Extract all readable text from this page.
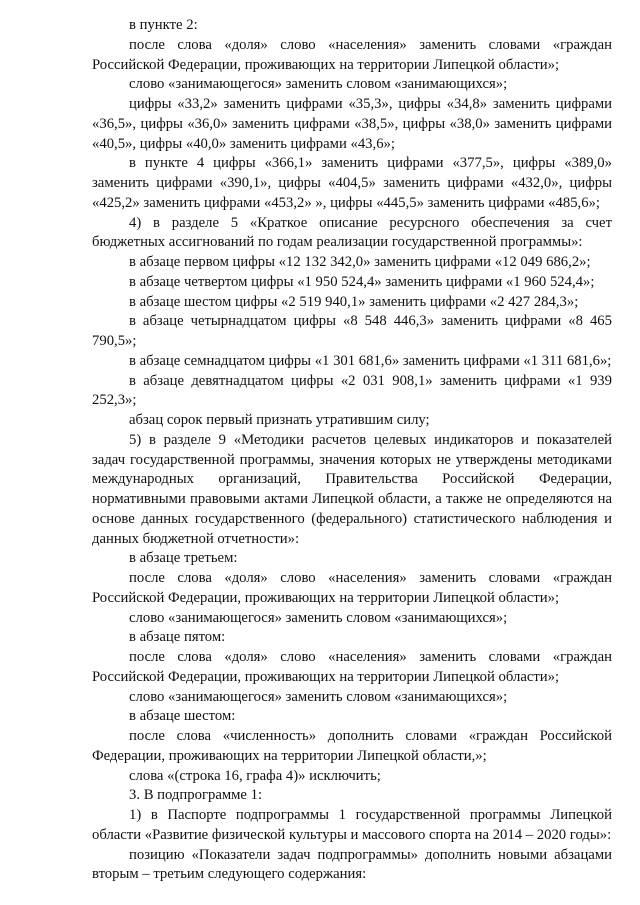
в пункте 2:

после слова «доля» слово «населения» заменить словами «граждан Российской Федерации, проживающих на территории Липецкой области»;

слово «занимающегося» заменить словом «занимающихся»;

цифры «33,2» заменить цифрами «35,3», цифры «34,8» заменить цифрами «36,5», цифры «36,0» заменить цифрами «38,5», цифры «38,0» заменить цифрами «40,5», цифры «40,0» заменить цифрами «43,6»;

в пункте 4 цифры «366,1» заменить цифрами «377,5», цифры «389,0» заменить цифрами «390,1», цифры «404,5» заменить цифрами «432,0», цифры «425,2» заменить цифрами «453,2» », цифры «445,5» заменить цифрами «485,6»;

4) в разделе 5 «Краткое описание ресурсного обеспечения за счет бюджетных ассигнований по годам реализации государственной программы»:

в абзаце первом цифры «12 132 342,0» заменить цифрами «12 049 686,2»;

в абзаце четвертом цифры «1 950 524,4» заменить цифрами «1 960 524,4»;

в абзаце шестом цифры «2 519 940,1» заменить цифрами «2 427 284,3»;

в абзаце четырнадцатом цифры «8 548 446,3» заменить цифрами «8 465 790,5»;

в абзаце семнадцатом цифры «1 301 681,6» заменить цифрами «1 311 681,6»;

в абзаце девятнадцатом цифры «2 031 908,1» заменить цифрами «1 939 252,3»;

абзац сорок первый признать утратившим силу;

5) в разделе 9 «Методики расчетов целевых индикаторов и показателей задач государственной программы, значения которых не утверждены методиками международных организаций, Правительства Российской Федерации, нормативными правовыми актами Липецкой области, а также не определяются на основе данных государственного (федерального) статистического наблюдения и данных бюджетной отчетности»:

в абзаце третьем:

после слова «доля» слово «населения» заменить словами «граждан Российской Федерации, проживающих на территории Липецкой области»;

слово «занимающегося» заменить словом «занимающихся»;

в абзаце пятом:

после слова «доля» слово «населения» заменить словами «граждан Российской Федерации, проживающих на территории Липецкой области»;

слово «занимающегося» заменить словом «занимающихся»;

в абзаце шестом:

после слова «численность» дополнить словами «граждан Российской Федерации, проживающих на территории Липецкой области,»;

слова «(строка 16, графа 4)» исключить;

3. В подпрограмме 1:

1) в Паспорте подпрограммы 1 государственной программы Липецкой области «Развитие физической культуры и массового спорта на 2014 – 2020 годы»:

позицию «Показатели задач подпрограммы» дополнить новыми абзацами вторым – третьим следующего содержания:
